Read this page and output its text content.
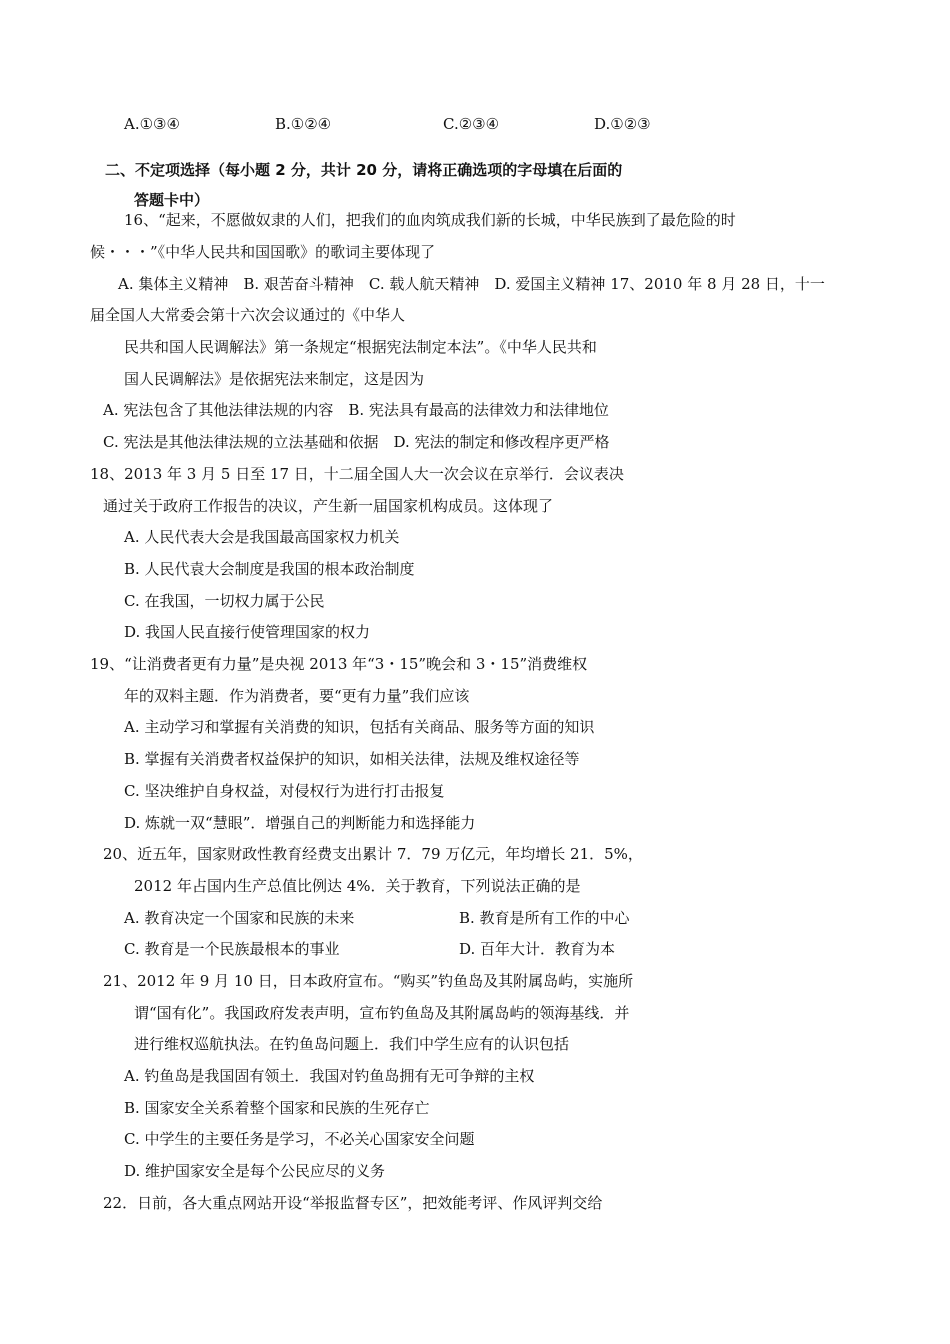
A.①③④	B.①②④	C.②③④	D.①②③
二、不定项选择（每小题 2 分，共计 20 分，请将正确选项的字母填在后面的
答题卡中）
16、“起来，不愿做奴隶的人们，把我们的血肉筑成我们新的长城，中华民族到了最危险的时
候・・・”《中华人民共和国国歌》的歌词主要体现了
A. 集体主义精神　B. 艰苦奋斗精神　C. 载人航天精神　D. 爱国主义精神 17、2010 年 8 月 28 日，十一
届全国人大常委会第十六次会议通过的《中华人
民共和国人民调解法》第一条规定“根据宪法制定本法”。《中华人民共和
国人民调解法》是依据宪法来制定，这是因为
A. 宪法包含了其他法律法规的内容　B. 宪法具有最高的法律效力和法律地位
C. 宪法是其他法律法规的立法基础和依据　D. 宪法的制定和修改程序更严格
18、2013 年 3 月 5 日至 17 日，十二届全国人大一次会议在京举行．会议表决
通过关于政府工作报告的决议，产生新一届国家机构成员。这体现了
A. 人民代表大会是我国最高国家权力机关
B. 人民代袁大会制度是我国的根本政治制度
C. 在我国，一切权力属于公民
D. 我国人民直接行使管理国家的权力
19、“让消费者更有力量”是央视 2013 年“3・15”晚会和 3・15”消费维权
年的双料主题．作为消费者，要“更有力量”我们应该
A. 主动学习和掌握有关消费的知识，包括有关商品、服务等方面的知识
B. 掌握有关消费者权益保护的知识，如相关法律，法规及维权途径等
C. 坚决维护自身权益，对侵权行为进行打击报复
D. 炼就一双“慧眼”．增强自己的判断能力和选择能力
20、近五年，国家财政性教育经费支出累计 7．79 万亿元，年均增长 21．5%，
2012 年占国内生产总值比例达 4%．关于教育，下列说法正确的是
A. 教育决定一个国家和民族的未来	B. 教育是所有工作的中心
C. 教育是一个民族最根本的事业	D. 百年大计．教育为本
21、2012 年 9 月 10 日，日本政府宣布。“购买”钓鱼岛及其附属岛屿，实施所
谓“国有化”。我国政府发表声明，宣布钓鱼岛及其附属岛屿的领海基线．并
进行维权巡航执法。在钓鱼岛问题上．我们中学生应有的认识包括
A. 钓鱼岛是我国固有领土．我国对钓鱼岛拥有无可争辩的主权
B. 国家安全关系着整个国家和民族的生死存亡
C. 中学生的主要任务是学习，不必关心国家安全问题
D. 维护国家安全是每个公民应尽的义务
22．日前，各大重点网站开设“举报监督专区”，把效能考评、作风评判交给
